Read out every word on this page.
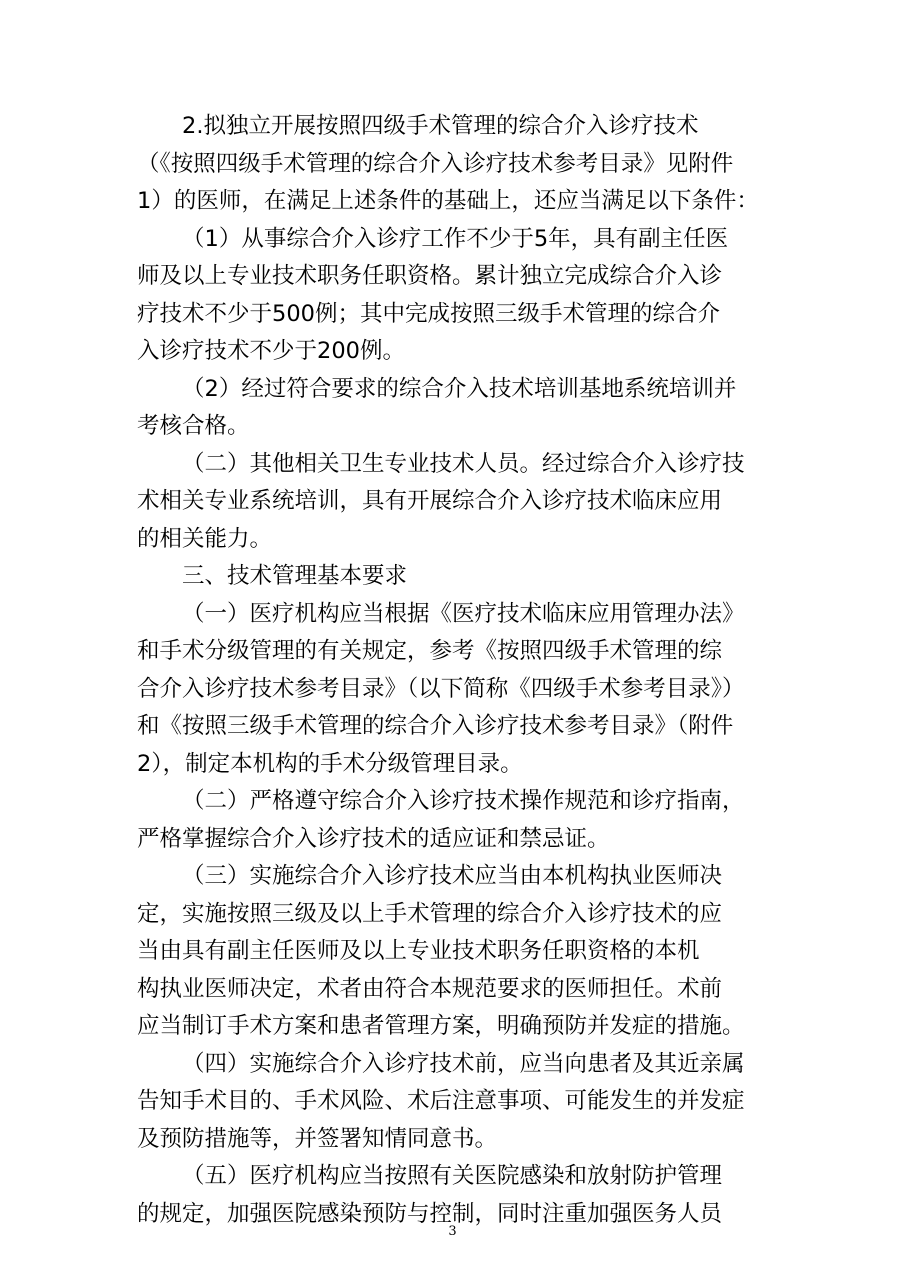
2.拟独立开展按照四级手术管理的综合介入诊疗技术
（《按照四级手术管理的综合介入诊疗技术参考目录》见附件
1）的医师，在满足上述条件的基础上，还应当满足以下条件：
（1）从事综合介入诊疗工作不少于5年，具有副主任医
师及以上专业技术职务任职资格。累计独立完成综合介入诊
疗技术不少于500例；其中完成按照三级手术管理的综合介
入诊疗技术不少于200例。
（2）经过符合要求的综合介入技术培训基地系统培训并
考核合格。
（二）其他相关卫生专业技术人员。经过综合介入诊疗技
术相关专业系统培训，具有开展综合介入诊疗技术临床应用
的相关能力。
三、技术管理基本要求
（一）医疗机构应当根据《医疗技术临床应用管理办法》
和手术分级管理的有关规定，参考《按照四级手术管理的综
合介入诊疗技术参考目录》（以下简称《四级手术参考目录》）
和《按照三级手术管理的综合介入诊疗技术参考目录》（附件
2），制定本机构的手术分级管理目录。
（二）严格遵守综合介入诊疗技术操作规范和诊疗指南，
严格掌握综合介入诊疗技术的适应证和禁忌证。
（三）实施综合介入诊疗技术应当由本机构执业医师决
定，实施按照三级及以上手术管理的综合介入诊疗技术的应
当由具有副主任医师及以上专业技术职务任职资格的本机
构执业医师决定，术者由符合本规范要求的医师担任。术前
应当制订手术方案和患者管理方案，明确预防并发症的措施。
（四）实施综合介入诊疗技术前，应当向患者及其近亲属
告知手术目的、手术风险、术后注意事项、可能发生的并发症
及预防措施等，并签署知情同意书。
（五）医疗机构应当按照有关医院感染和放射防护管理
的规定，加强医院感染预防与控制，同时注重加强医务人员
3
